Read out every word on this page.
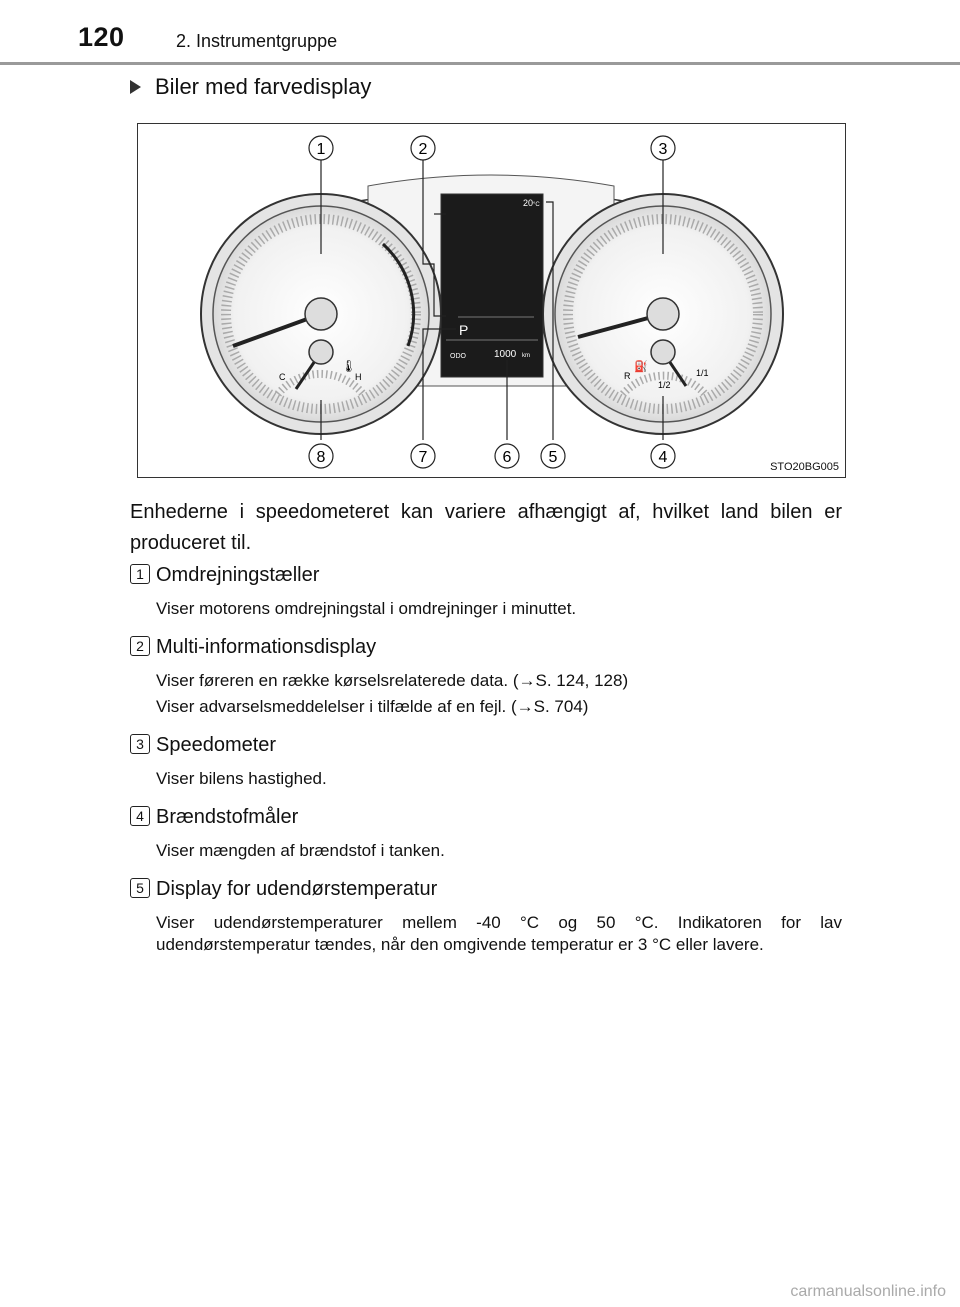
120	2. Instrumentgruppe
Biler med farvedisplay
C	H
🌡
R
1/2
1/1
⛽
20 °C
P
ODO	1000 km
1	2	3
4
5
6
7
8
STO20BG005
Enhederne i speedometeret kan variere afhængigt af, hvilket land bilen er produceret til.
1 Omdrejningstæller
Viser motorens omdrejningstal i omdrejninger i minuttet.
2 Multi-informationsdisplay
Viser føreren en række kørselsrelaterede data. (→S. 124, 128)
Viser advarselsmeddelelser i tilfælde af en fejl. (→S. 704)
3 Speedometer
Viser bilens hastighed.
4 Brændstofmåler
Viser mængden af brændstof i tanken.
5 Display for udendørstemperatur
Viser udendørstemperaturer mellem -40 °C og 50 °C. Indikatoren for lav udendørstemperatur tændes, når den omgivende temperatur er 3 °C eller lavere.
carmanualsonline.info
